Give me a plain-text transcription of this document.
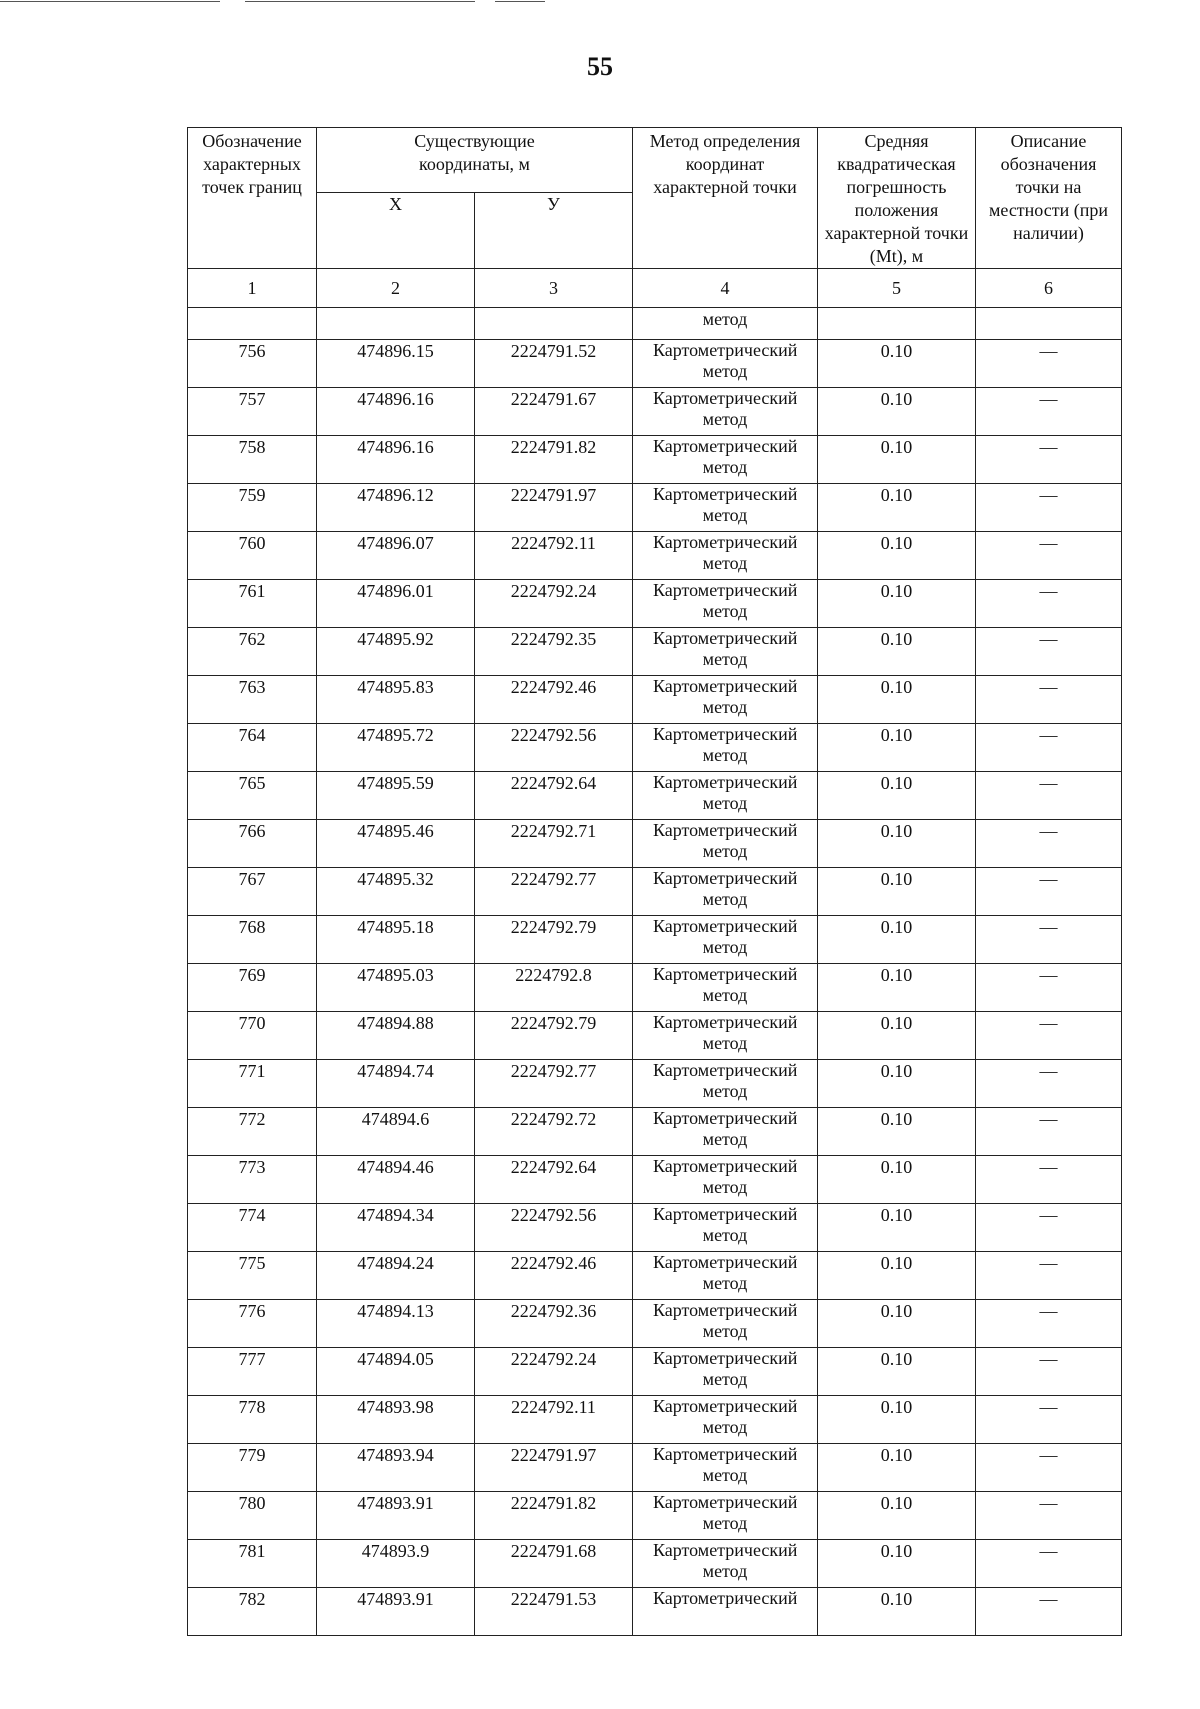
55
Обозначение характерных точек границ	Существующие координаты, м		Метод определения координат характерной точки	Средняя квадратическая погрешность положения характерной точки (Mt), м	Описание обозначения точки на местности (при наличии)
	X	У			
1	2	3	4	5	6
			метод		
756	474896.15	2224791.52	Картометрический метод	0.10	—
757	474896.16	2224791.67	Картометрический метод	0.10	—
758	474896.16	2224791.82	Картометрический метод	0.10	—
759	474896.12	2224791.97	Картометрический метод	0.10	—
760	474896.07	2224792.11	Картометрический метод	0.10	—
761	474896.01	2224792.24	Картометрический метод	0.10	—
762	474895.92	2224792.35	Картометрический метод	0.10	—
763	474895.83	2224792.46	Картометрический метод	0.10	—
764	474895.72	2224792.56	Картометрический метод	0.10	—
765	474895.59	2224792.64	Картометрический метод	0.10	—
766	474895.46	2224792.71	Картометрический метод	0.10	—
767	474895.32	2224792.77	Картометрический метод	0.10	—
768	474895.18	2224792.79	Картометрический метод	0.10	—
769	474895.03	2224792.8	Картометрический метод	0.10	—
770	474894.88	2224792.79	Картометрический метод	0.10	—
771	474894.74	2224792.77	Картометрический метод	0.10	—
772	474894.6	2224792.72	Картометрический метод	0.10	—
773	474894.46	2224792.64	Картометрический метод	0.10	—
774	474894.34	2224792.56	Картометрический метод	0.10	—
775	474894.24	2224792.46	Картометрический метод	0.10	—
776	474894.13	2224792.36	Картометрический метод	0.10	—
777	474894.05	2224792.24	Картометрический метод	0.10	—
778	474893.98	2224792.11	Картометрический метод	0.10	—
779	474893.94	2224791.97	Картометрический метод	0.10	—
780	474893.91	2224791.82	Картометрический метод	0.10	—
781	474893.9	2224791.68	Картометрический метод	0.10	—
782	474893.91	2224791.53	Картометрический	0.10	—
